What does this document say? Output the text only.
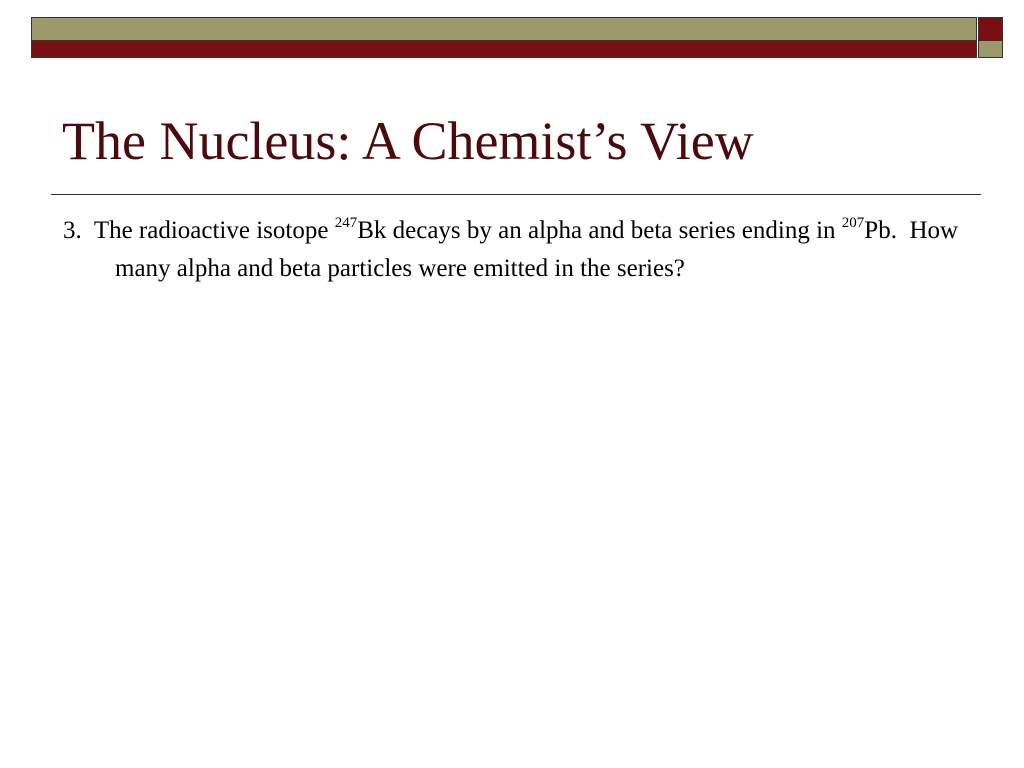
The Nucleus: A Chemist’s View

3. The radioactive isotope $^{247}$Bk decays by an alpha and beta series ending in $^{207}$Pb.  How many alpha and beta particles were emitted in the series?
